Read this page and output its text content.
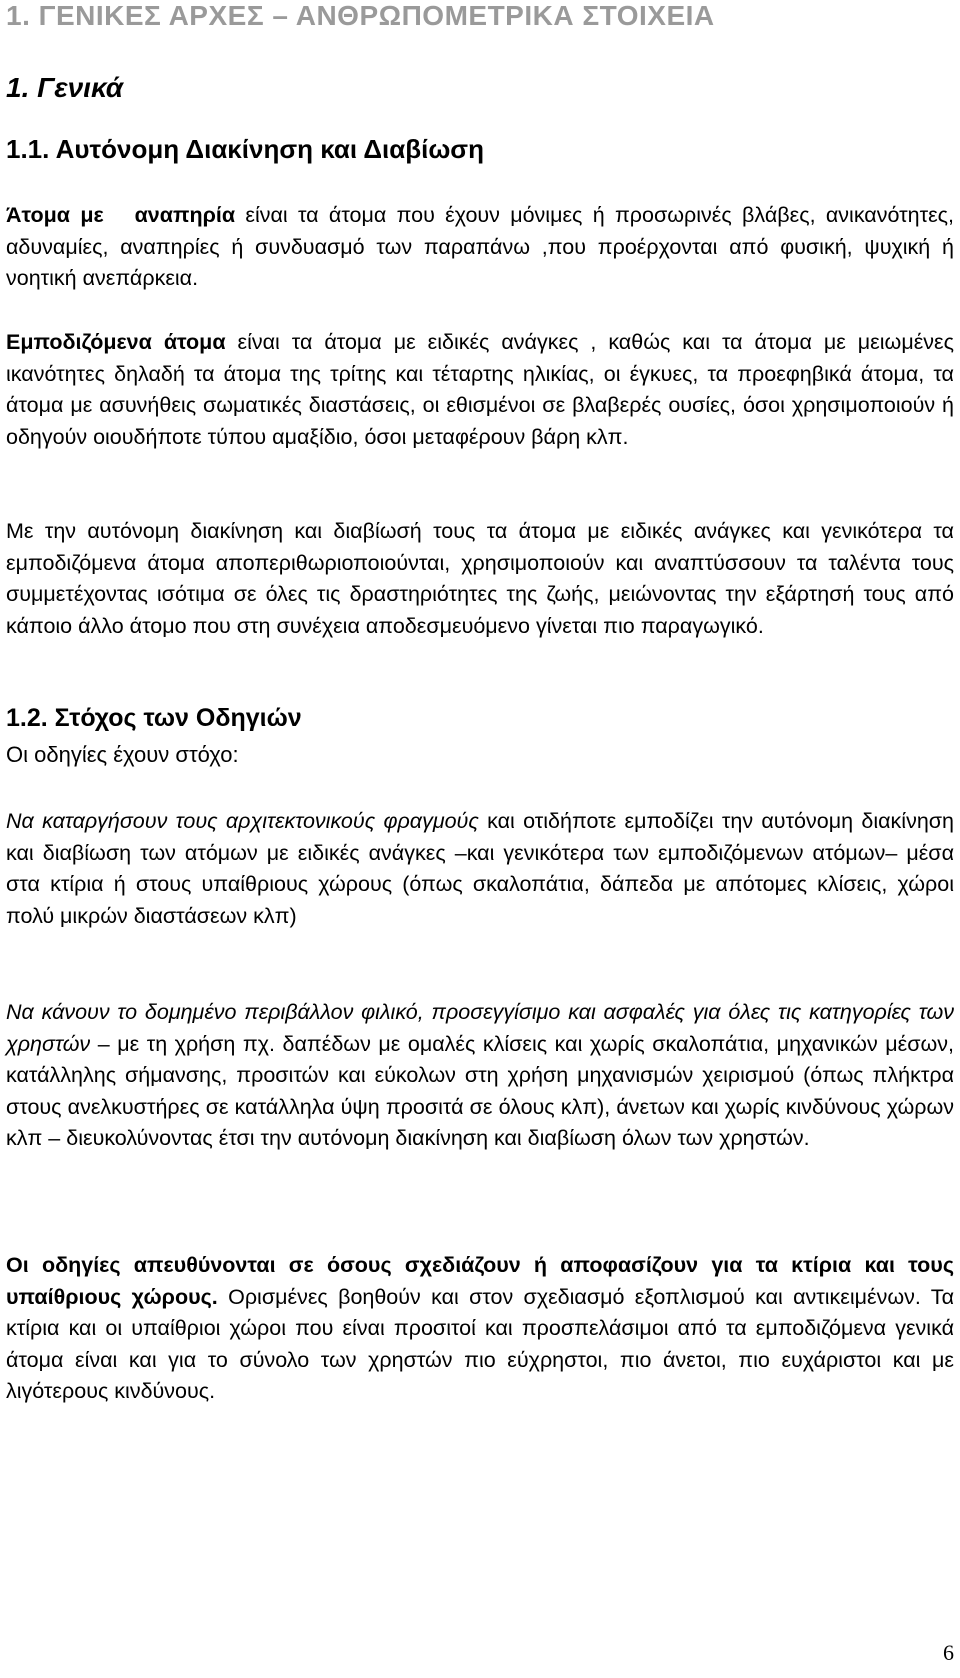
1. ΓΕΝΙΚΕΣ ΑΡΧΕΣ – ΑΝΘΡΩΠΟΜΕΤΡΙΚΑ ΣΤΟΙΧΕΙΑ
1. Γενικά
1.1. Αυτόνομη Διακίνηση και Διαβίωση

Άτομα με αναπηρία είναι τα άτομα που έχουν μόνιμες ή προσωρινές βλάβες, ανικανότητες, αδυναμίες, αναπηρίες ή συνδυασμό των παραπάνω ,που προέρχονται από φυσική, ψυχική ή νοητική ανεπάρκεια.

Εμποδιζόμενα άτομα είναι τα άτομα με ειδικές ανάγκες , καθώς και τα άτομα με μειωμένες ικανότητες δηλαδή τα άτομα της τρίτης και τέταρτης ηλικίας, οι έγκυες, τα προεφηβικά άτομα, τα άτομα με ασυνήθεις σωματικές διαστάσεις, οι εθισμένοι σε βλαβερές ουσίες, όσοι χρησιμοποιούν ή οδηγούν οιουδήποτε τύπου αμαξίδιο, όσοι μεταφέρουν βάρη κλπ.

Με την αυτόνομη διακίνηση και διαβίωσή τους τα άτομα με ειδικές ανάγκες και γενικότερα τα εμποδιζόμενα άτομα αποπεριθωριοποιούνται, χρησιμοποιούν και αναπτύσσουν τα ταλέντα τους συμμετέχοντας ισότιμα σε όλες τις δραστηριότητες της ζωής, μειώνοντας την εξάρτησή τους από κάποιο άλλο άτομο που στη συνέχεια αποδεσμευόμενο γίνεται πιο παραγωγικό.

1.2. Στόχος των Οδηγιών
Οι οδηγίες έχουν στόχο:

Να καταργήσουν τους αρχιτεκτονικούς φραγμούς και οτιδήποτε εμποδίζει την αυτόνομη διακίνηση και διαβίωση των ατόμων με ειδικές ανάγκες –και γενικότερα των εμποδιζόμενων ατόμων– μέσα στα κτίρια ή στους υπαίθριους χώρους (όπως σκαλοπάτια, δάπεδα με απότομες κλίσεις, χώροι πολύ μικρών διαστάσεων κλπ)

Να κάνουν το δομημένο περιβάλλον φιλικό, προσεγγίσιμο και ασφαλές για όλες τις κατηγορίες των χρηστών – με τη χρήση πχ. δαπέδων με ομαλές κλίσεις και χωρίς σκαλοπάτια, μηχανικών μέσων, κατάλληλης σήμανσης, προσιτών και εύκολων στη χρήση μηχανισμών χειρισμού (όπως πλήκτρα στους ανελκυστήρες σε κατάλληλα ύψη προσιτά σε όλους κλπ), άνετων και χωρίς κινδύνους χώρων κλπ – διευκολύνοντας έτσι την αυτόνομη διακίνηση και διαβίωση όλων των χρηστών.

Οι οδηγίες απευθύνονται σε όσους σχεδιάζουν ή αποφασίζουν για τα κτίρια και τους υπαίθριους χώρους. Ορισμένες βοηθούν και στον σχεδιασμό εξοπλισμού και αντικειμένων. Τα κτίρια και οι υπαίθριοι χώροι που είναι προσιτοί και προσπελάσιμοι από τα εμποδιζόμενα γενικά άτομα είναι και για το σύνολο των χρηστών πιο εύχρηστοι, πιο άνετοι, πιο ευχάριστοι και με λιγότερους κινδύνους.

6
